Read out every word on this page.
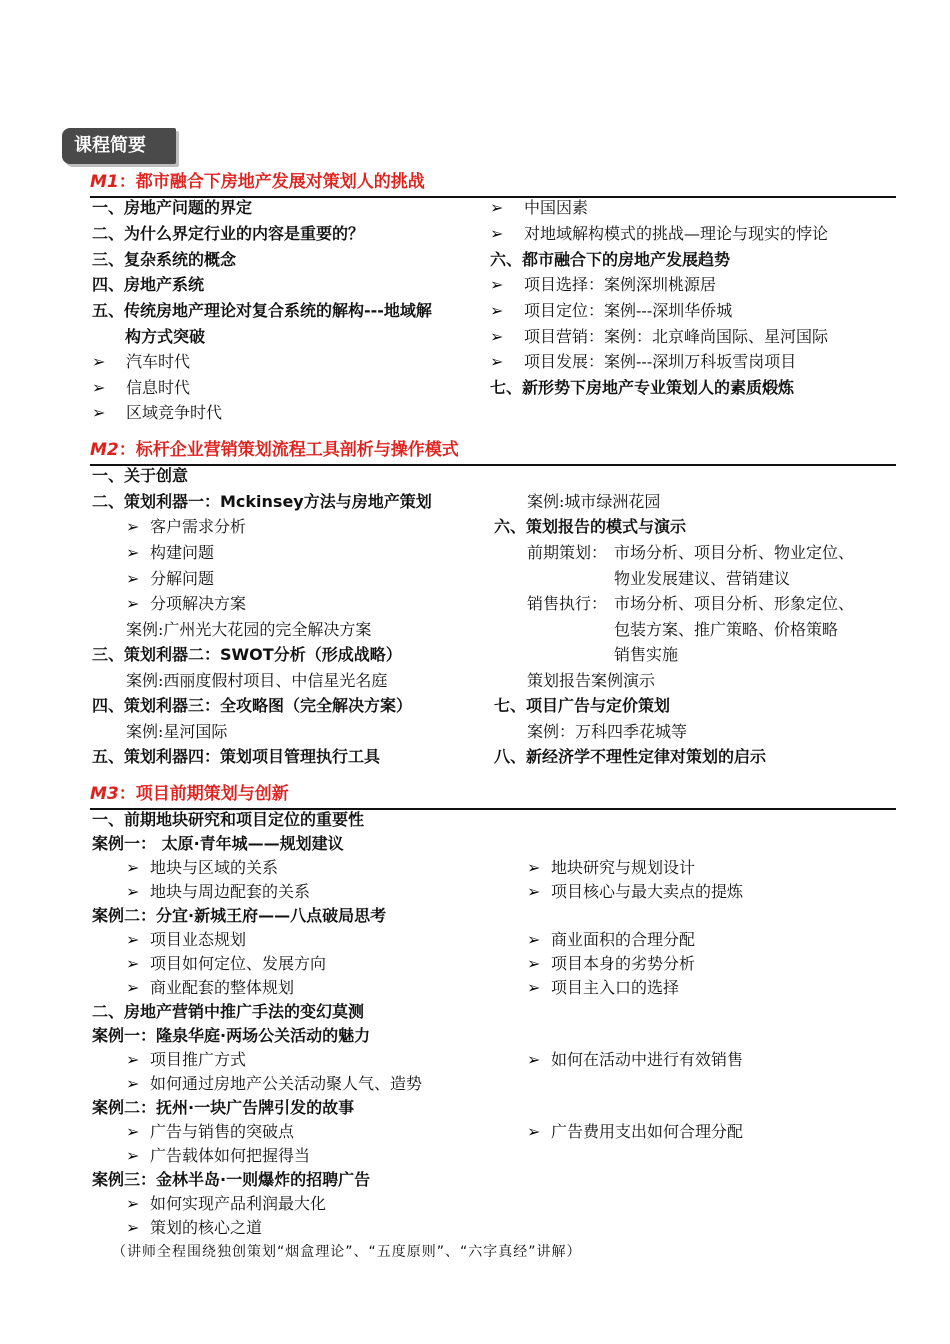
课程简要
M1：都市融合下房地产发展对策划人的挑战
一、房地产问题的界定
二、为什么界定行业的内容是重要的？
三、复杂系统的概念
四、房地产系统
五、传统房地产理论对复合系统的解构---地域解
构方式突破
➢ 汽车时代
➢ 信息时代
➢ 区域竞争时代
➢ 中国因素
➢ 对地域解构模式的挑战—理论与现实的悖论
六、都市融合下的房地产发展趋势
➢ 项目选择：案例深圳桃源居
➢ 项目定位：案例---深圳华侨城
➢ 项目营销：案例：北京峰尚国际、星河国际
➢ 项目发展：案例---深圳万科坂雪岗项目
七、新形势下房地产专业策划人的素质煅炼
M2：标杆企业营销策划流程工具剖析与操作模式
一、关于创意
二、策划利器一：Mckinsey方法与房地产策划
➢ 客户需求分析
➢ 构建问题
➢ 分解问题
➢ 分项解决方案
案例:广州光大花园的完全解决方案
三、策划利器二：SWOT分析（形成战略）
案例:西丽度假村项目、中信星光名庭
四、策划利器三：全攻略图（完全解决方案）
案例:星河国际
五、策划利器四：策划项目管理执行工具
案例:城市绿洲花园
六、策划报告的模式与演示
前期策划： 市场分析、项目分析、物业定位、
物业发展建议、营销建议
销售执行： 市场分析、项目分析、形象定位、
包装方案、推广策略、价格策略
销售实施
策划报告案例演示
七、项目广告与定价策划
案例：万科四季花城等
八、新经济学不理性定律对策划的启示
M3：项目前期策划与创新
一、前期地块研究和项目定位的重要性
案例一： 太原·青年城——规划建议
➢ 地块与区域的关系
➢ 地块与周边配套的关系
➢ 地块研究与规划设计
➢ 项目核心与最大卖点的提炼
案例二：分宜·新城王府——八点破局思考
➢ 项目业态规划
➢ 项目如何定位、发展方向
➢ 商业配套的整体规划
➢ 商业面积的合理分配
➢ 项目本身的劣势分析
➢ 项目主入口的选择
二、房地产营销中推广手法的变幻莫测
案例一：隆泉华庭·两场公关活动的魅力
➢ 项目推广方式
➢ 如何通过房地产公关活动聚人气、造势
➢ 如何在活动中进行有效销售
案例二：抚州·一块广告牌引发的故事
➢ 广告与销售的突破点
➢ 广告载体如何把握得当
➢ 广告费用支出如何合理分配
案例三：金林半岛·一则爆炸的招聘广告
➢ 如何实现产品利润最大化
➢ 策划的核心之道
（讲师全程围绕独创策划“烟盒理论”、“五度原则”、“六字真经”讲解）
